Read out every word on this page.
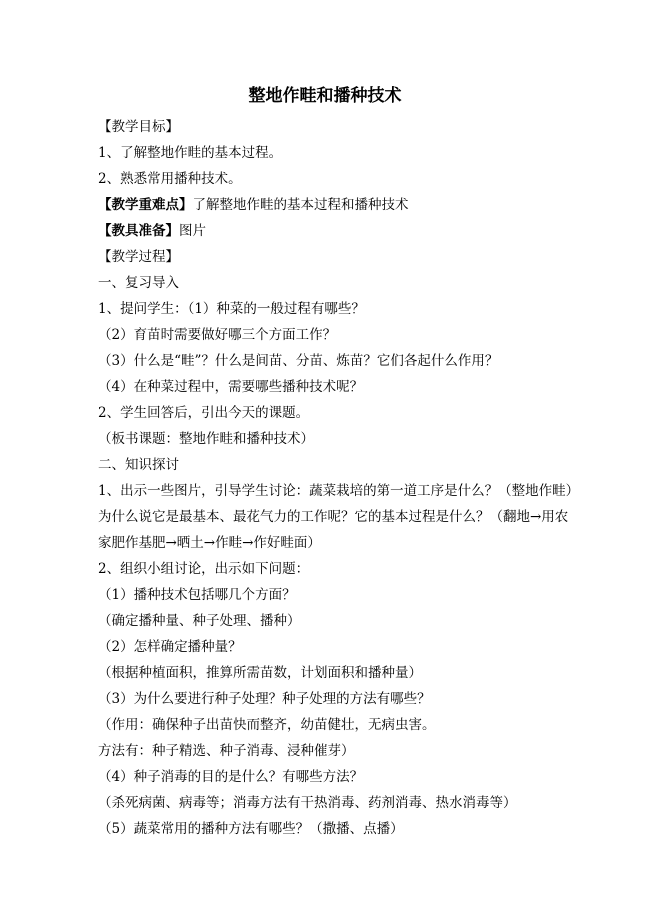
整地作畦和播种技术
【教学目标】
1、了解整地作畦的基本过程。
2、熟悉常用播种技术。
【教学重难点】了解整地作畦的基本过程和播种技术
【教具准备】图片
【教学过程】
一、复习导入
1、提问学生：（1）种菜的一般过程有哪些？
（2）育苗时需要做好哪三个方面工作？
（3）什么是“畦”？什么是间苗、分苗、炼苗？它们各起什么作用？
（4）在种菜过程中，需要哪些播种技术呢？
2、学生回答后，引出今天的课题。
（板书课题：整地作畦和播种技术）
二、知识探讨
1、出示一些图片，引导学生讨论：蔬菜栽培的第一道工序是什么？（整地作畦）
为什么说它是最基本、最花气力的工作呢？它的基本过程是什么？（翻地→用农
家肥作基肥→晒土→作畦→作好畦面）
2、组织小组讨论，出示如下问题：
（1）播种技术包括哪几个方面？
（确定播种量、种子处理、播种）
（2）怎样确定播种量？
（根据种植面积，推算所需苗数，计划面积和播种量）
（3）为什么要进行种子处理？种子处理的方法有哪些？
（作用：确保种子出苗快而整齐，幼苗健壮，无病虫害。
方法有：种子精选、种子消毒、浸种催芽）
（4）种子消毒的目的是什么？有哪些方法？
（杀死病菌、病毒等；消毒方法有干热消毒、药剂消毒、热水消毒等）
（5）蔬菜常用的播种方法有哪些？（撒播、点播）
